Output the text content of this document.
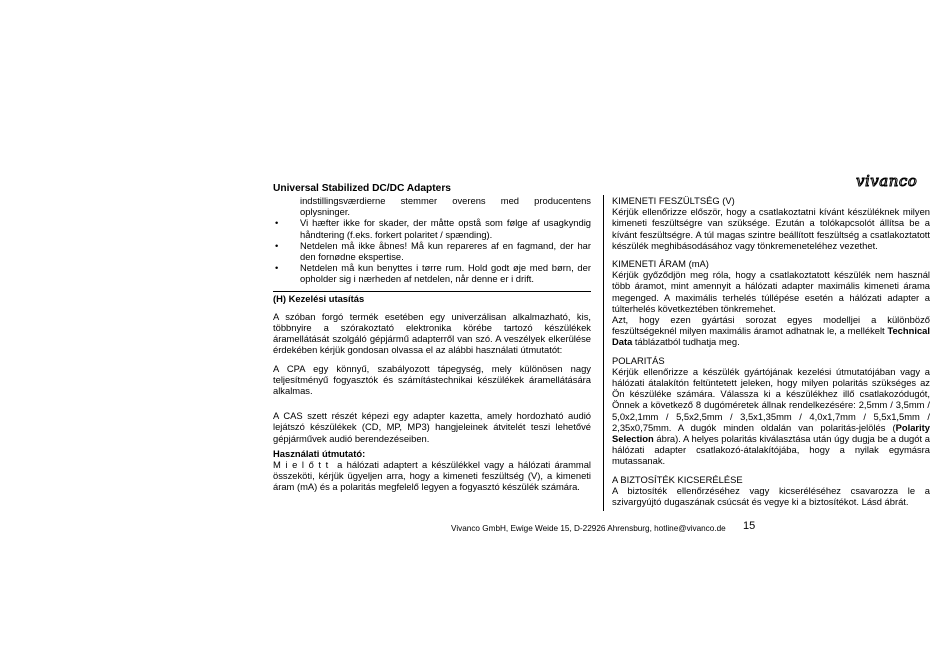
vivanco

Universal Stabilized DC/DC Adapters

indstillingsværdierne stemmer overens med producentens oplysninger.

• Vi hæfter ikke for skader, der måtte opstå som følge af usagkyndig håndtering (f.eks. forkert polaritet / spænding).
• Netdelen må ikke åbnes! Må kun repareres af en fagmand, der har den fornødne ekspertise.
• Netdelen må kun benyttes i tørre rum. Hold godt øje med børn, der opholder sig i nærheden af netdelen, når denne er i drift.

(H) Kezelési utasítás

A szóban forgó termék esetében egy univerzálisan alkalmazható, kis, többnyire a szórakoztató elektronika körébe tartozó készülékek áramellátását szolgáló gépjármű adapterről van szó. A veszélyek elkerülése érdekében kérjük gondosan olvassa el az alábbi használati útmutatót:

A CPA egy könnyű, szabályozott tápegység, mely különösen nagy teljesítményű fogyasztók és számítástechnikai készülékek áramellátására alkalmas.

A CAS szett részét képezi egy adapter kazetta, amely hordozható audió lejátszó készülékek (CD, MP, MP3) hangjeleinek átvitelét teszi lehetővé gépjárművek audió berendezéseiben.

Használati útmutató:

Mielőtt a hálózati adaptert a készülékkel vagy a hálózati árammal összeköti, kérjük ügyeljen arra, hogy a kimeneti feszültség (V), a kimeneti áram (mA) és a polaritás megfelelő legyen a fogyasztó készülék számára.

KIMENETI FESZÜLTSÉG (V)

Kérjük ellenőrizze először, hogy a csatlakoztatni kívánt készüléknek milyen kimeneti feszültségre van szüksége. Ezután a tolókapcsolót állítsa be a kívánt feszültségre. A túl magas szintre beállított feszültség a csatlakoztatott készülék meghibásodásához vagy tönkremeneteléhez vezethet.

KIMENETI ÁRAM (mA)

Kérjük győződjön meg róla, hogy a csatlakoztatott készülék nem használ több áramot, mint amennyit a hálózati adapter maximális kimeneti árama megenged. A maximális terhelés túllépése esetén a hálózati adapter a túlterhelés következtében tönkremehet.

Azt, hogy ezen gyártási sorozat egyes modelljei a különböző feszültségeknél milyen maximális áramot adhatnak le, a mellékelt Technical Data táblázatból tudhatja meg.

POLARITÁS

Kérjük ellenőrizze a készülék gyártójának kezelési útmutatójában vagy a hálózati átalakítón feltüntetett jeleken, hogy milyen polaritás szükséges az Ön készüléke számára. Válassza ki a készülékhez illő csatlakozódugót, Önnek a következő 8 dugóméretek állnak rendelkezésére: 2,5mm / 3,5mm / 5,0x2,1mm / 5,5x2,5mm / 3,5x1,35mm / 4,0x1,7mm / 5,5x1,5mm / 2,35x0,75mm. A dugók minden oldalán van polaritás-jelölés (Polarity Selection ábra). A helyes polaritás kiválasztása után úgy dugja be a dugót a hálózati adapter csatlakozó-átalakítójába, hogy a nyilak egymásra mutassanak.

A BIZTOSÍTÉK KICSERÉLÉSE

A biztosíték ellenőrzéséhez vagy kicseréléséhez csavarozza le a szivargyújtó dugaszának csúcsát és vegye ki a biztosítékot. Lásd ábrát.

Vivanco GmbH, Ewige Weide 15, D-22926 Ahrensburg, hotline@vivanco.de 15
